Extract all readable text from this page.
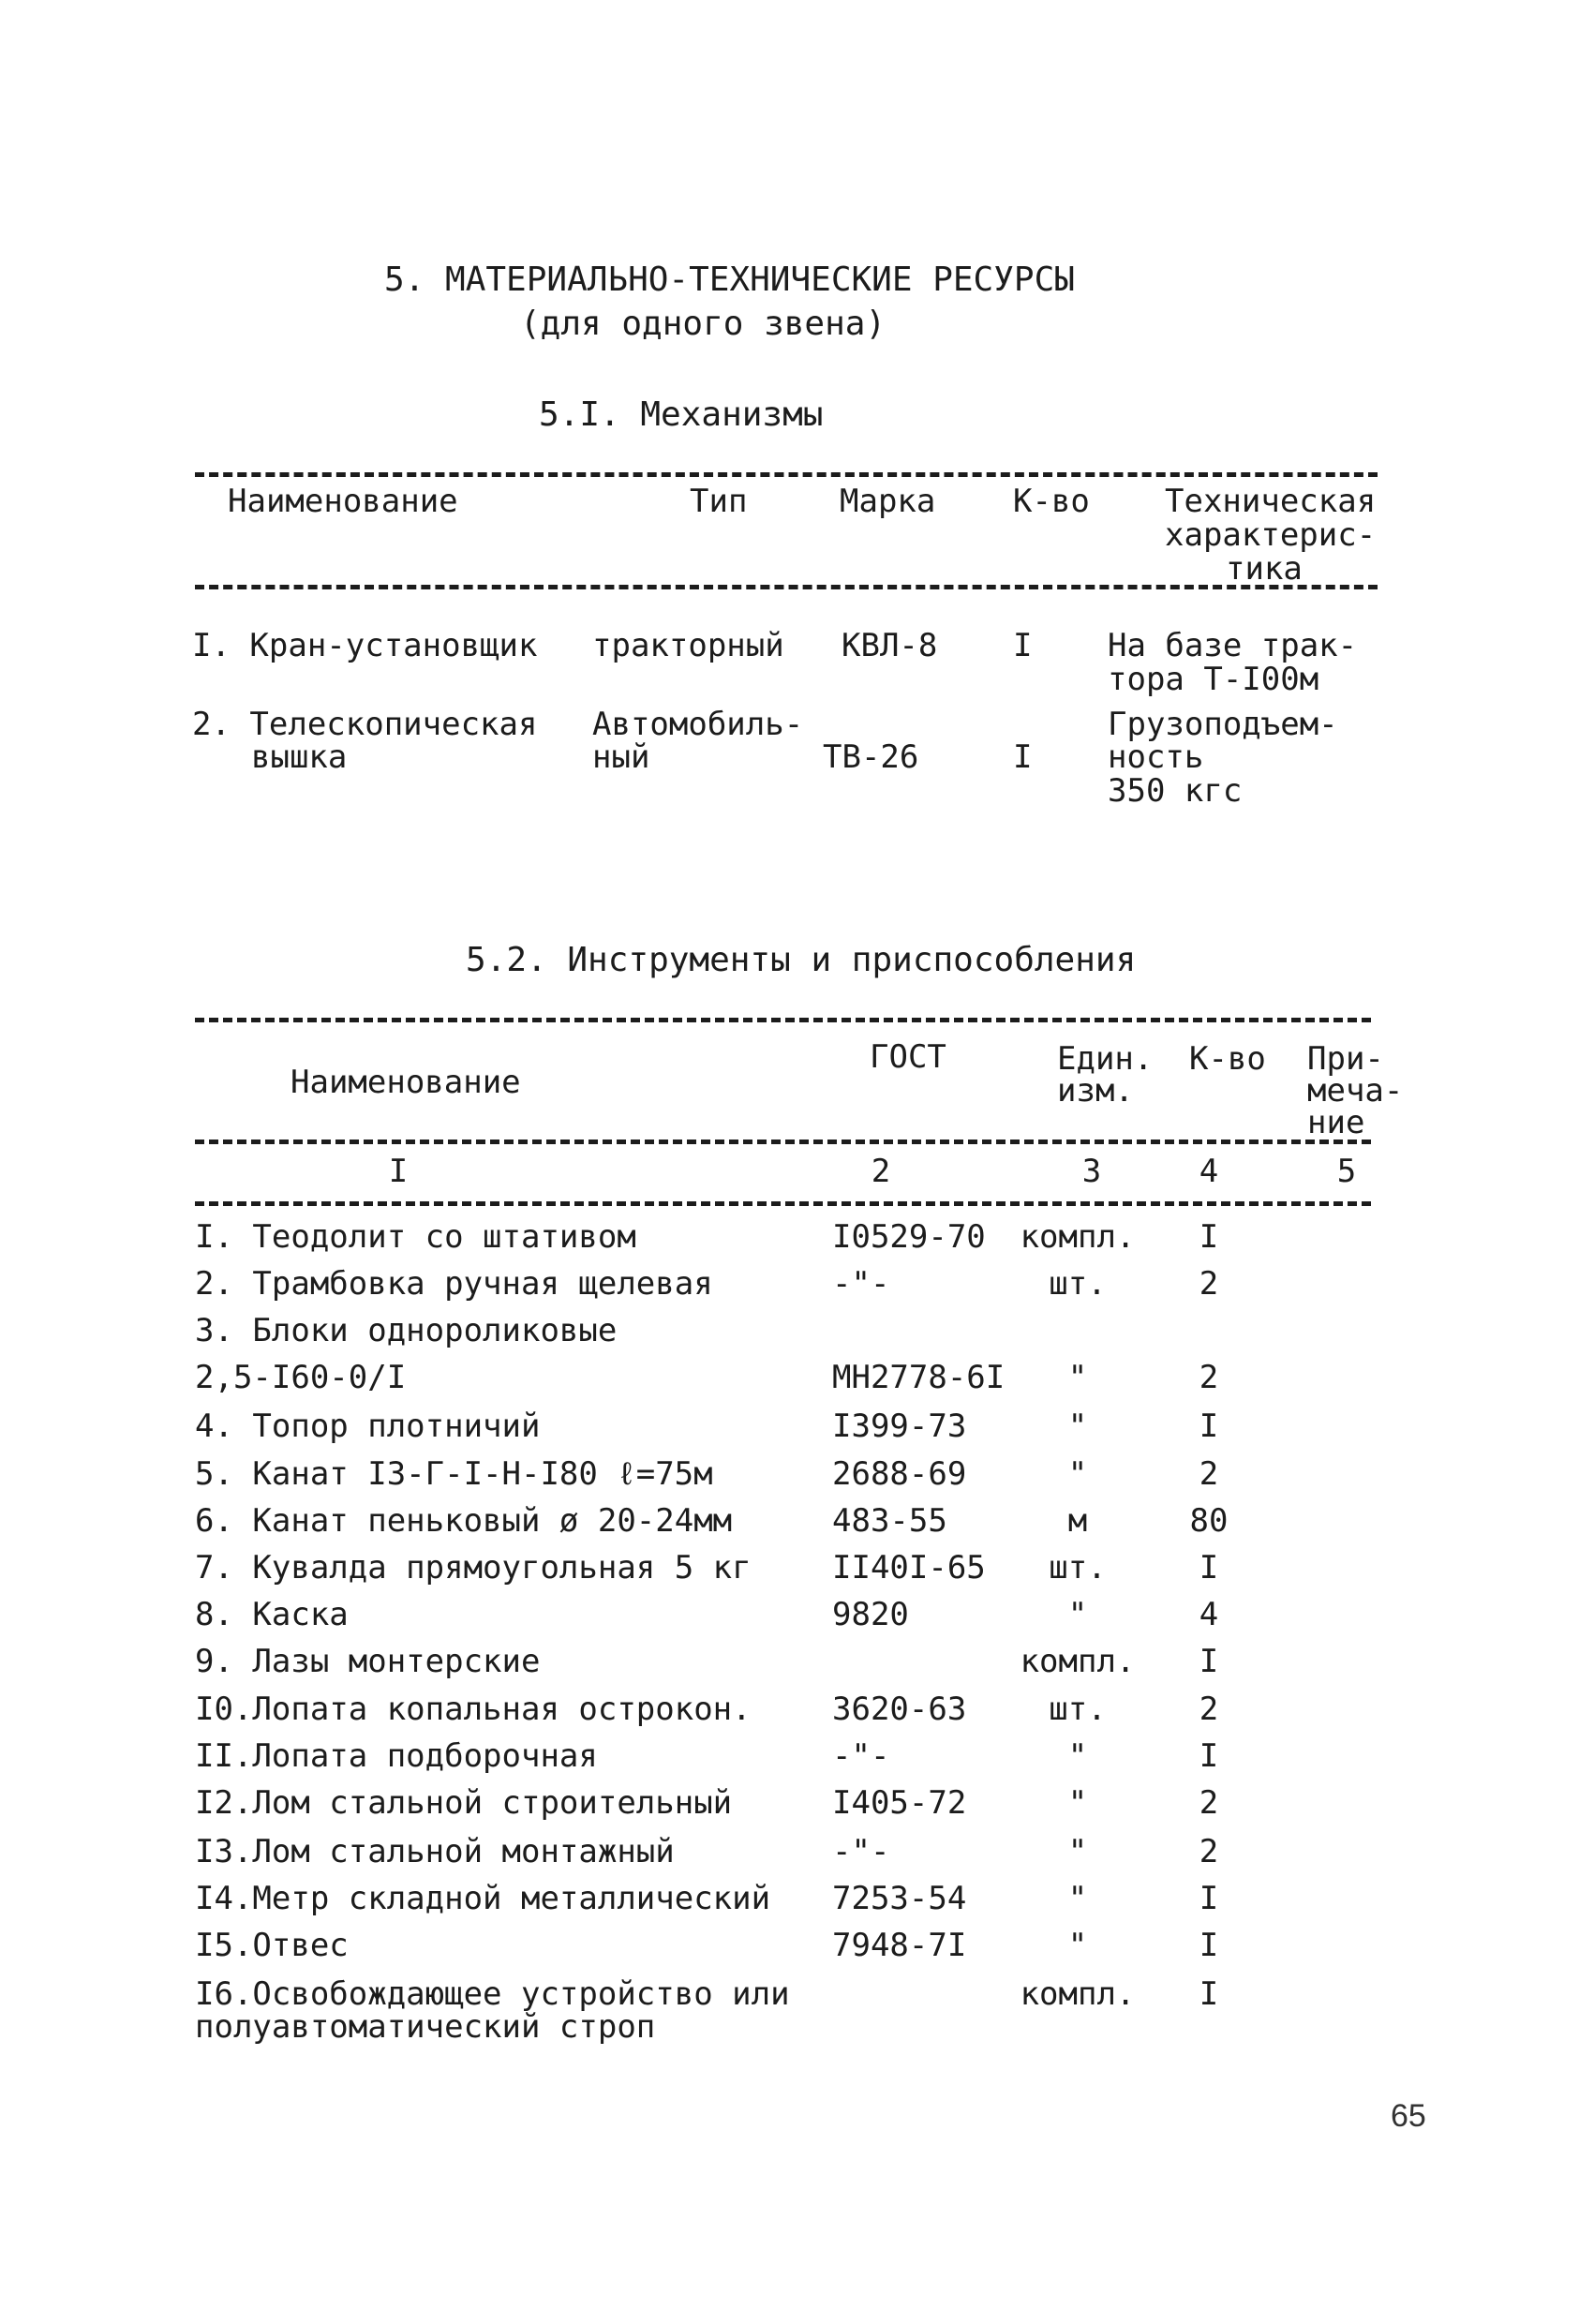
5. МАТЕРИАЛЬНО-ТЕХНИЧЕСКИЕ РЕСУРСЫ
(для одного звена)
5.I. Механизмы
Наименование	Тип	Марка К-во Техническая
характерис-
тика
I. Кран-установщик тракторный КВЛ-8 I На базе трак-
тора Т-I00м
2. Телескопическая
вышка
Автомобиль-
ный	ТВ-26	I
Грузоподъем-
ность
350 кгс
5.2. Инструменты и приспособления
Наименование
ГОСТ	Един.
изм.
К-во При-
меча-
ние
I	2	3	4	5
I. Теодолит со штативом	I0529-70 компл.	I
2. Трамбовка ручная щелевая	-"-	шт.	2
3. Блоки однороликовые
2,5-I60-0/I	МН2778-6I	"	2
4. Топор плотничий	I399-73	"	I
5. Канат I3-Г-I-Н-I80 ℓ=75м	2688-69	"	2
6. Канат пеньковый ø 20-24мм	483-55	м	80
7. Кувалда прямоугольная 5 кг	II40I-65	шт.	I
8. Каска	9820	"	4
9. Лазы монтерские	компл.	I
I0.Лопата копальная острокон.	3620-63	шт.	2
II.Лопата подборочная	-"-	"	I
I2.Лом стальной строительный	I405-72	"	2
I3.Лом стальной монтажный	-"-	"	2
I4.Метр складной металлический 7253-54	"	I
I5.Отвес	7948-7I	"	I
I6.Освобождающее устройство или	компл.	I
полуавтоматический строп
65
